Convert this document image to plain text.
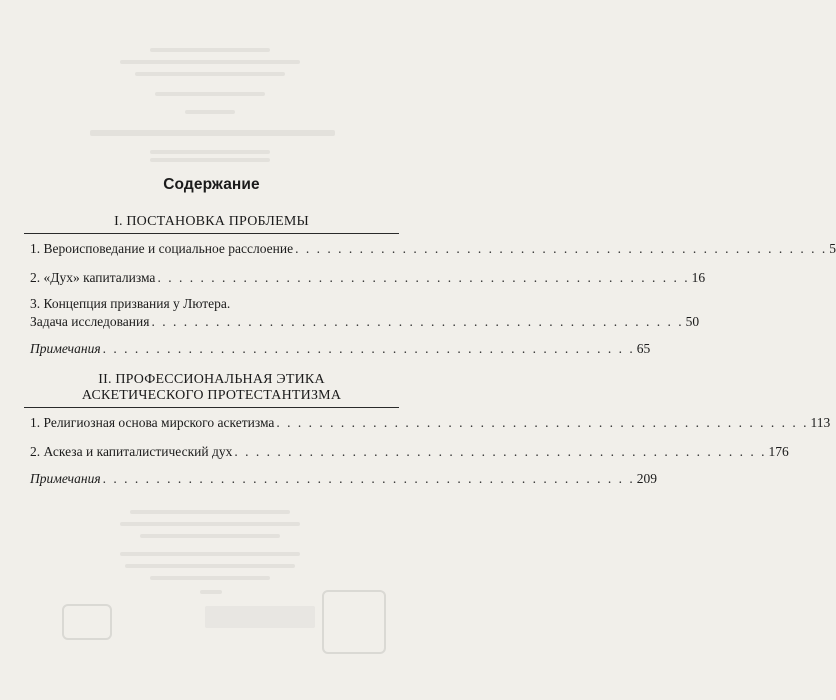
Содержание
I. ПОСТАНОВКА ПРОБЛЕМЫ
1. Вероисповедание и социальное расслоение . . . . . . . . . . . . . . . . . . . . . . . . . . . . . . . . . . . . . . . . . . . . . . . . . . 5
2. «Дух» капитализма . . . . . . . . . . . . . . . . . . . . . . . . . . . . . . . . . . . . . . . . . . . . . . . . . . 16
3. Концепция призвания у Лютера.
Задача исследования . . . . . . . . . . . . . . . . . . . . . . . . . . . . . . . . . . . . . . . . . . . . . . . . . . 50
Примечания . . . . . . . . . . . . . . . . . . . . . . . . . . . . . . . . . . . . . . . . . . . . . . . . . . 65
II. ПРОФЕССИОНАЛЬНАЯ ЭТИКА
АСКЕТИЧЕСКОГО ПРОТЕСТАНТИЗМА
1. Религиозная основа мирского аскетизма . . . . . . . . . . . . . . . . . . . . . . . . . . . . . . . . . . . . . . . . . . . . . . . . . . 113
2. Аскеза и капиталистический дух . . . . . . . . . . . . . . . . . . . . . . . . . . . . . . . . . . . . . . . . . . . . . . . . . . 176
Примечания . . . . . . . . . . . . . . . . . . . . . . . . . . . . . . . . . . . . . . . . . . . . . . . . . . 209
